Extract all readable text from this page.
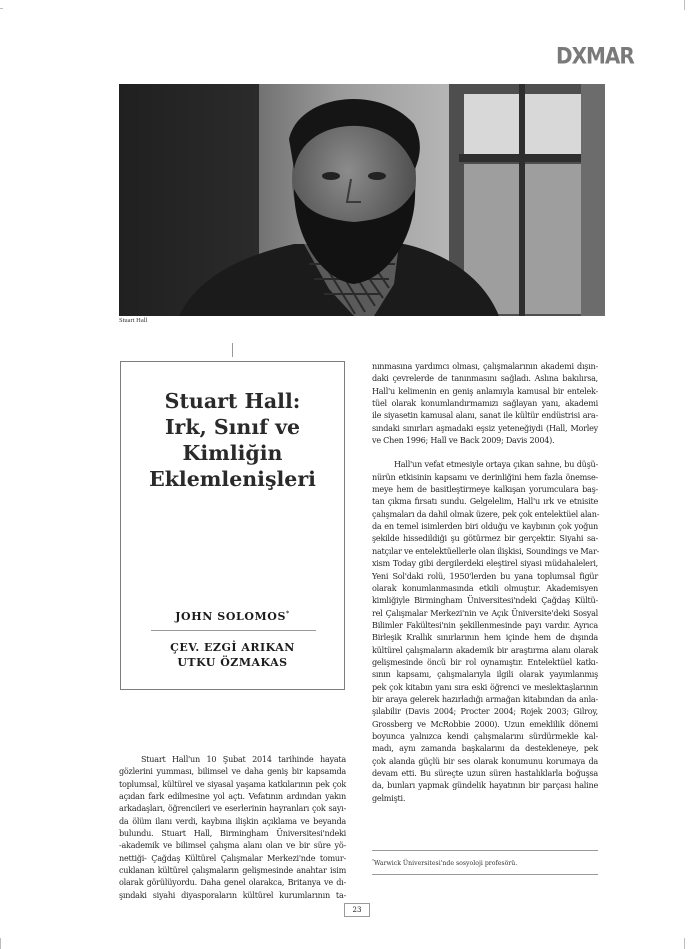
DXMAR
Stuart Hall
Stuart Hall:
Irk, Sınıf ve
Kimliğin
Eklemlenişleri
JOHN SOLOMOS*
ÇEV. EZGİ ARIKAN
UTKU ÖZMAKAS
Stuart Hall'un 10 Şubat 2014 tarihinde hayata
gözlerini yumması, bilimsel ve daha geniş bir kapsamda
toplumsal, kültürel ve siyasal yaşama katkılarının pek çok
açıdan fark edilmesine yol açtı. Vefatının ardından yakın
arkadaşları, öğrencileri ve eserlerinin hayranları çok sayı-
da ölüm ilanı verdi, kaybına ilişkin açıklama ve beyanda
bulundu. Stuart Hall, Birmingham Üniversitesi'ndeki
-akademik ve bilimsel çalışma alanı olan ve bir süre yö-
nettiği- Çağdaş Kültürel Çalışmalar Merkezi'nde tomur-
cuklanan kültürel çalışmaların gelişmesinde anahtar isim
olarak görülüyordu. Daha genel olarakca, Britanya ve dı-
şındaki siyahi diyasporaların kültürel kurumlarının ta-
nınmasına yardımcı olması, çalışmalarının akademi dışın-
daki çevrelerde de tanınmasını sağladı. Aslına bakılırsa,
Hall'u kelimenin en geniş anlamıyla kamusal bir entelek-
tüel olarak konumlandırmamızı sağlayan yanı, akademi
ile siyasetin kamusal alanı, sanat ile kültür endüstrisi ara-
sındaki sınırları aşmadaki eşsiz yeteneğiydi (Hall, Morley
ve Chen 1996; Hall ve Back 2009; Davis 2004).
Hall'un vefat etmesiyle ortaya çıkan sahne, bu düşü-
nürün etkisinin kapsamı ve derinliğini hem fazla önemse-
meye hem de basitleştirmeye kalkışan yorumculara baş-
tan çıkma fırsatı sundu. Gelgelelim, Hall'u ırk ve etnisite
çalışmaları da dahil olmak üzere, pek çok entelektüel alan-
da en temel isimlerden biri olduğu ve kaybının çok yoğun
şekilde hissedildiği şu götürmez bir gerçektir. Siyahi sa-
natçılar ve entelektüellerle olan ilişkisi, Soundings ve Mar-
xism Today gibi dergilerdeki eleştirel siyasi müdahaleleri,
Yeni Sol'daki rolü, 1950'lerden bu yana toplumsal figür
olarak konumlanmasında etkili olmuştur. Akademisyen
kimliğiyle Birmingham Üniversitesi'ndeki Çağdaş Kültü-
rel Çalışmalar Merkezi'nin ve Açık Üniversite'deki Sosyal
Bilimler Fakültesi'nin şekillenmesinde payı vardır. Ayrıca
Birleşik Krallık sınırlarının hem içinde hem de dışında
kültürel çalışmaların akademik bir araştırma alanı olarak
gelişmesinde öncü bir rol oynamıştır. Entelektüel katkı-
sının kapsamı, çalışmalarıyla ilgili olarak yayımlanmış
pek çok kitabın yanı sıra eski öğrenci ve meslektaşlarının
bir araya gelerek hazırladığı armağan kitabından da anla-
şılabilir (Davis 2004; Procter 2004; Rojek 2003; Gilroy,
Grossberg ve McRobbie 2000). Uzun emeklilik dönemi
boyunca yalnızca kendi çalışmalarını sürdürmekle kal-
madı, aynı zamanda başkalarını da destekleneye, pek
çok alanda güçlü bir ses olarak konumunu korumaya da
devam etti. Bu süreçte uzun süren hastalıklarla boğuşsa
da, bunları yapmak gündelik hayatının bir parçası haline
gelmişti.
*Warwick Üniversitesi'nde sosyoloji profesörü.
23
